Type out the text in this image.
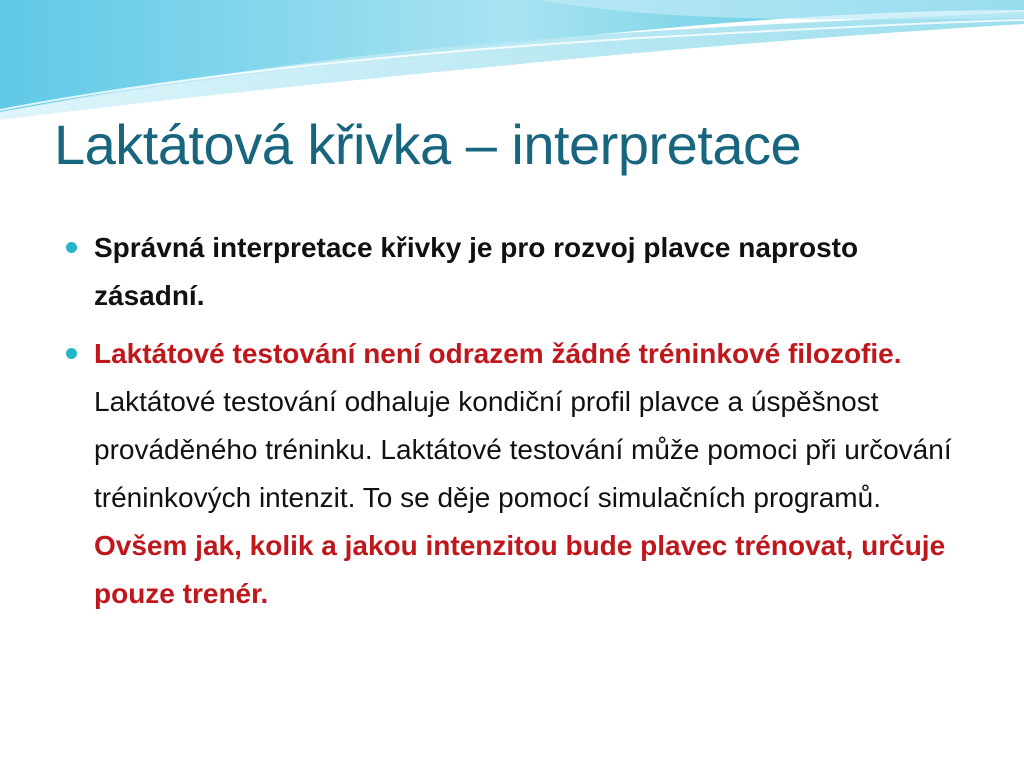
Laktátová křivka – interpretace
Správná interpretace křivky je pro rozvoj plavce naprosto zásadní.
Laktátové testování není odrazem žádné tréninkové filozofie. Laktátové testování odhaluje kondiční profil plavce a úspěšnost prováděného tréninku. Laktátové testování může pomoci při určování tréninkových intenzit. To se děje pomocí simulačních programů. Ovšem jak, kolik a jakou intenzitou bude plavec trénovat, určuje pouze trenér.
